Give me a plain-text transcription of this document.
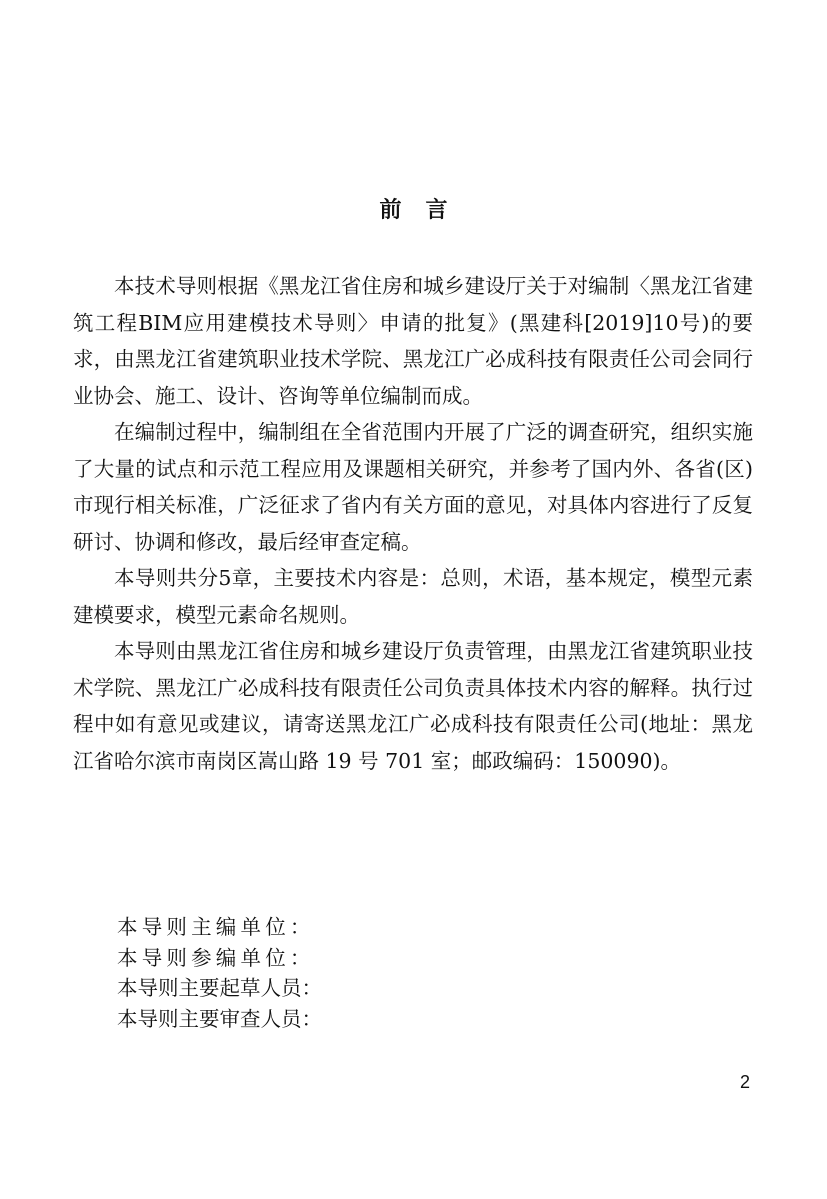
前言

本技术导则根据《黑龙江省住房和城乡建设厅关于对编制〈黑龙江省建筑工程BIM应用建模技术导则〉申请的批复》(黑建科[2019]10号)的要求，由黑龙江省建筑职业技术学院、黑龙江广必成科技有限责任公司会同行业协会、施工、设计、咨询等单位编制而成。

在编制过程中，编制组在全省范围内开展了广泛的调查研究，组织实施了大量的试点和示范工程应用及课题相关研究，并参考了国内外、各省(区)市现行相关标准，广泛征求了省内有关方面的意见，对具体内容进行了反复研讨、协调和修改，最后经审查定稿。

本导则共分5章，主要技术内容是：总则，术语，基本规定，模型元素建模要求，模型元素命名规则。

本导则由黑龙江省住房和城乡建设厅负责管理，由黑龙江省建筑职业技术学院、黑龙江广必成科技有限责任公司负责具体技术内容的解释。执行过程中如有意见或建议，请寄送黑龙江广必成科技有限责任公司(地址：黑龙江省哈尔滨市南岗区嵩山路 19 号 701 室；邮政编码：150090)。

本导则主编单位：
本导则参编单位：
本导则主要起草人员：
本导则主要审查人员：
2
